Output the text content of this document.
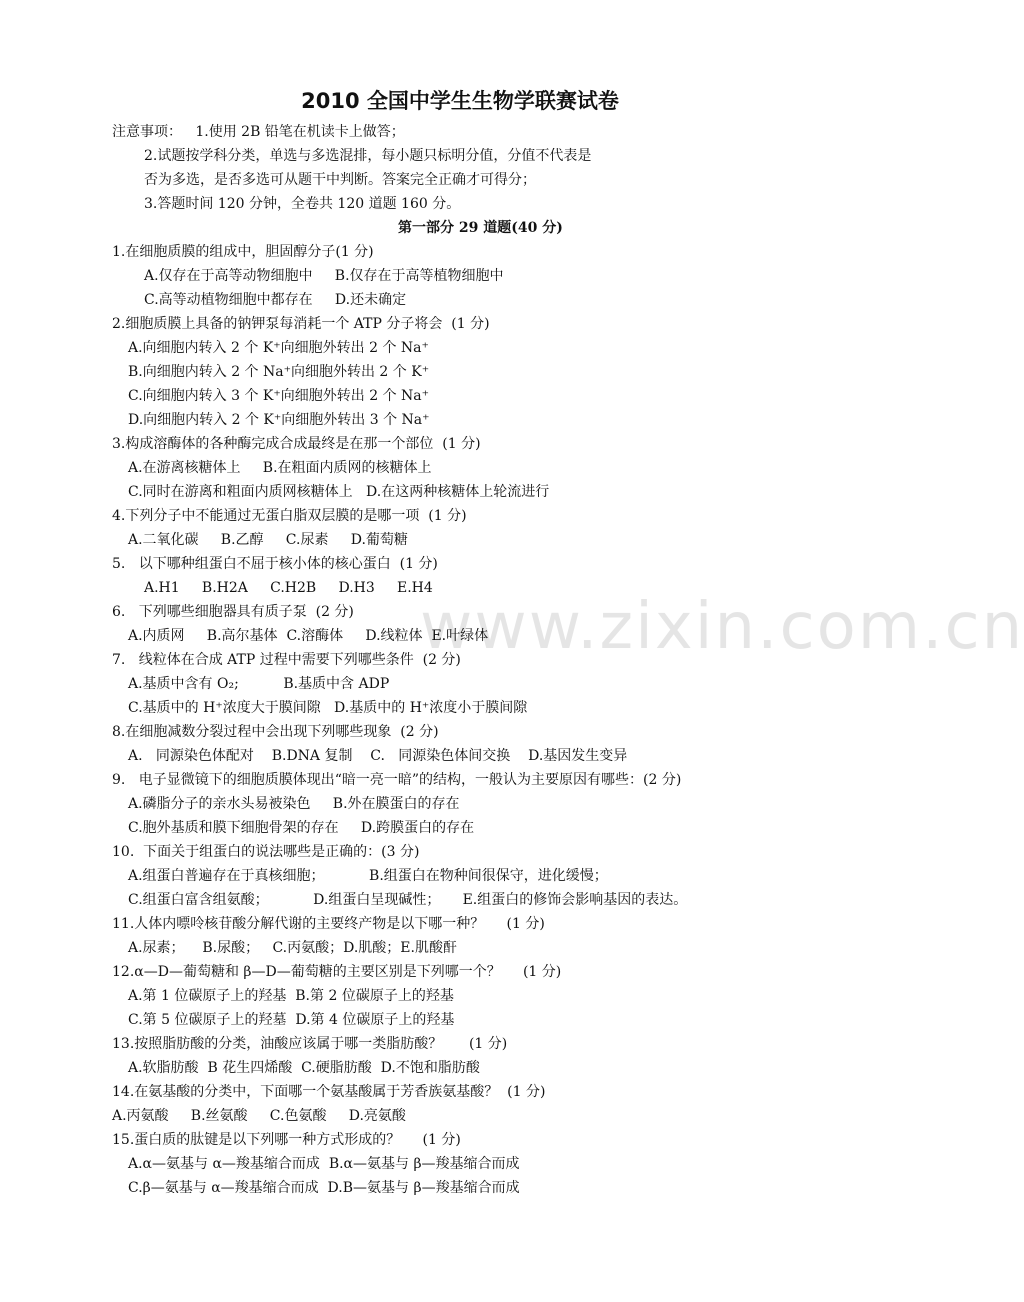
2010 全国中学生生物学联赛试卷
注意事项：   1.使用 2B 铅笔在机读卡上做答；
2.试题按学科分类，单选与多选混排，每小题只标明分值，分值不代表是
否为多选，是否多选可从题干中判断。答案完全正确才可得分；
3.答题时间 120 分钟，全卷共 120 道题 160 分。
第一部分 29 道题(40 分)
1.在细胞质膜的组成中，胆固醇分子(1 分)
A.仅存在于高等动物细胞中     B.仅存在于高等植物细胞中
C.高等动植物细胞中都存在     D.还未确定
2.细胞质膜上具备的钠钾泵每消耗一个 ATP 分子将会  (1 分)
A.向细胞内转入 2 个 K⁺向细胞外转出 2 个 Na⁺
B.向细胞内转入 2 个 Na⁺向细胞外转出 2 个 K⁺
C.向细胞内转入 3 个 K⁺向细胞外转出 2 个 Na⁺
D.向细胞内转入 2 个 K⁺向细胞外转出 3 个 Na⁺
3.构成溶酶体的各种酶完成合成最终是在那一个部位  (1 分)
A.在游离核糖体上     B.在粗面内质网的核糖体上
C.同时在游离和粗面内质网核糖体上   D.在这两种核糖体上轮流进行
4.下列分子中不能通过无蛋白脂双层膜的是哪一项  (1 分)
A.二氧化碳     B.乙醇     C.尿素     D.葡萄糖
5.   以下哪种组蛋白不屈于核小体的核心蛋白  (1 分)
A.H1     B.H2A     C.H2B     D.H3     E.H4
6.   下列哪些细胞器具有质子泵  (2 分)
A.内质网     B.高尔基体  C.溶酶体     D.线粒体  E.叶绿体
7.   线粒体在合成 ATP 过程中需要下列哪些条件  (2 分)
A.基质中含有 O₂;          B.基质中含 ADP
C.基质中的 H⁺浓度大于膜间隙   D.基质中的 H⁺浓度小于膜间隙
8.在细胞减数分裂过程中会出现下列哪些现象  (2 分)
A.   同源染色体配对    B.DNA 复制    C.   同源染色体间交换    D.基因发生变异
9.   电子显微镜下的细胞质膜体现出“暗一亮一暗”的结构，一般认为主要原因有哪些：(2 分)
A.磷脂分子的亲水头易被染色     B.外在膜蛋白的存在
C.胞外基质和膜下细胞骨架的存在     D.跨膜蛋白的存在
10.  下面关于组蛋白的说法哪些是正确的：(3 分)
A.组蛋白普遍存在于真核细胞；          B.组蛋白在物种间很保守，进化缓慢；
C.组蛋白富含组氨酸；          D.组蛋白呈现碱性；     E.组蛋白的修饰会影响基因的表达。
11.人体内嘌呤核苷酸分解代谢的主要终产物是以下哪一种？     (1 分)
A.尿素；    B.尿酸；   C.丙氨酸；D.肌酸；E.肌酸酐
12.α—D—葡萄糖和 β—D—葡萄糖的主要区别是下列哪一个？     (1 分)
A.第 1 位碳原子上的羟基  B.第 2 位碳原子上的羟基
C.第 5 位碳原子上的羟墓  D.第 4 位碳原子上的羟基
13.按照脂肪酸的分类，油酸应该属于哪一类脂肪酸？      (1 分)
A.软脂肪酸  B 花生四烯酸  C.硬脂肪酸  D.不饱和脂肪酸
14.在氨基酸的分类中，下面哪一个氨基酸属于芳香族氨基酸？  (1 分)
A.丙氨酸     B.丝氨酸     C.色氨酸     D.亮氨酸
15.蛋白质的肽键是以下列哪一种方式形成的？     (1 分)
A.α—氨基与 α—羧基缩合而成  B.α—氨基与 β—羧基缩合而成
C.β—氨基与 α—羧基缩合而成  D.B—氨基与 β—羧基缩合而成
www.zixin.com.cn
